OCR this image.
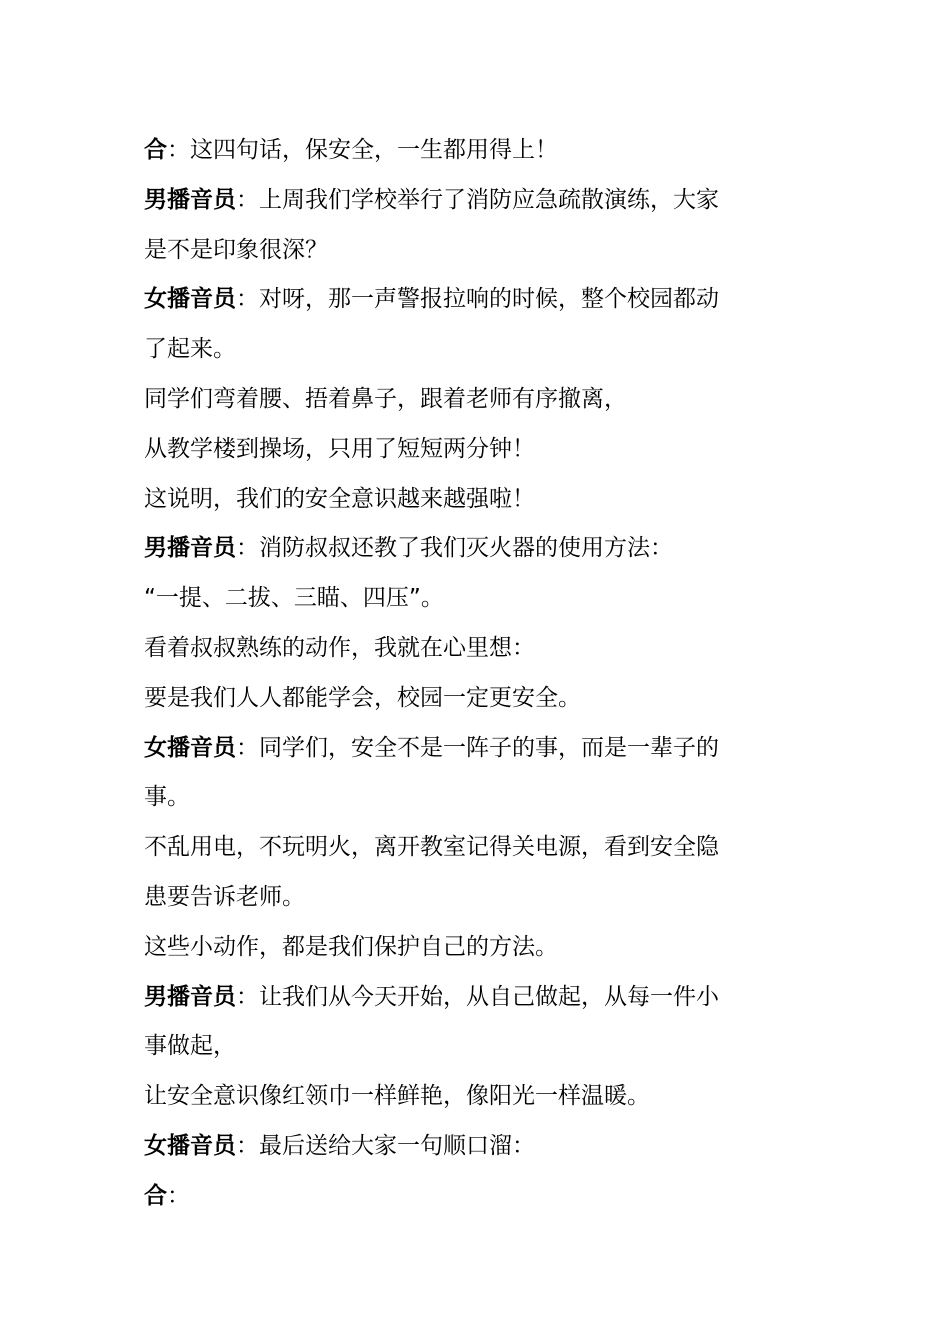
合：这四句话，保安全，一生都用得上！
男播音员：上周我们学校举行了消防应急疏散演练，大家
是不是印象很深？
女播音员：对呀，那一声警报拉响的时候，整个校园都动
了起来。
同学们弯着腰、捂着鼻子，跟着老师有序撤离，
从教学楼到操场，只用了短短两分钟！
这说明，我们的安全意识越来越强啦！
男播音员：消防叔叔还教了我们灭火器的使用方法：
“一提、二拔、三瞄、四压”。
看着叔叔熟练的动作，我就在心里想：
要是我们人人都能学会，校园一定更安全。
女播音员：同学们，安全不是一阵子的事，而是一辈子的
事。
不乱用电，不玩明火，离开教室记得关电源，看到安全隐
患要告诉老师。
这些小动作，都是我们保护自己的方法。
男播音员：让我们从今天开始，从自己做起，从每一件小
事做起，
让安全意识像红领巾一样鲜艳，像阳光一样温暖。
女播音员：最后送给大家一句顺口溜：
合：
